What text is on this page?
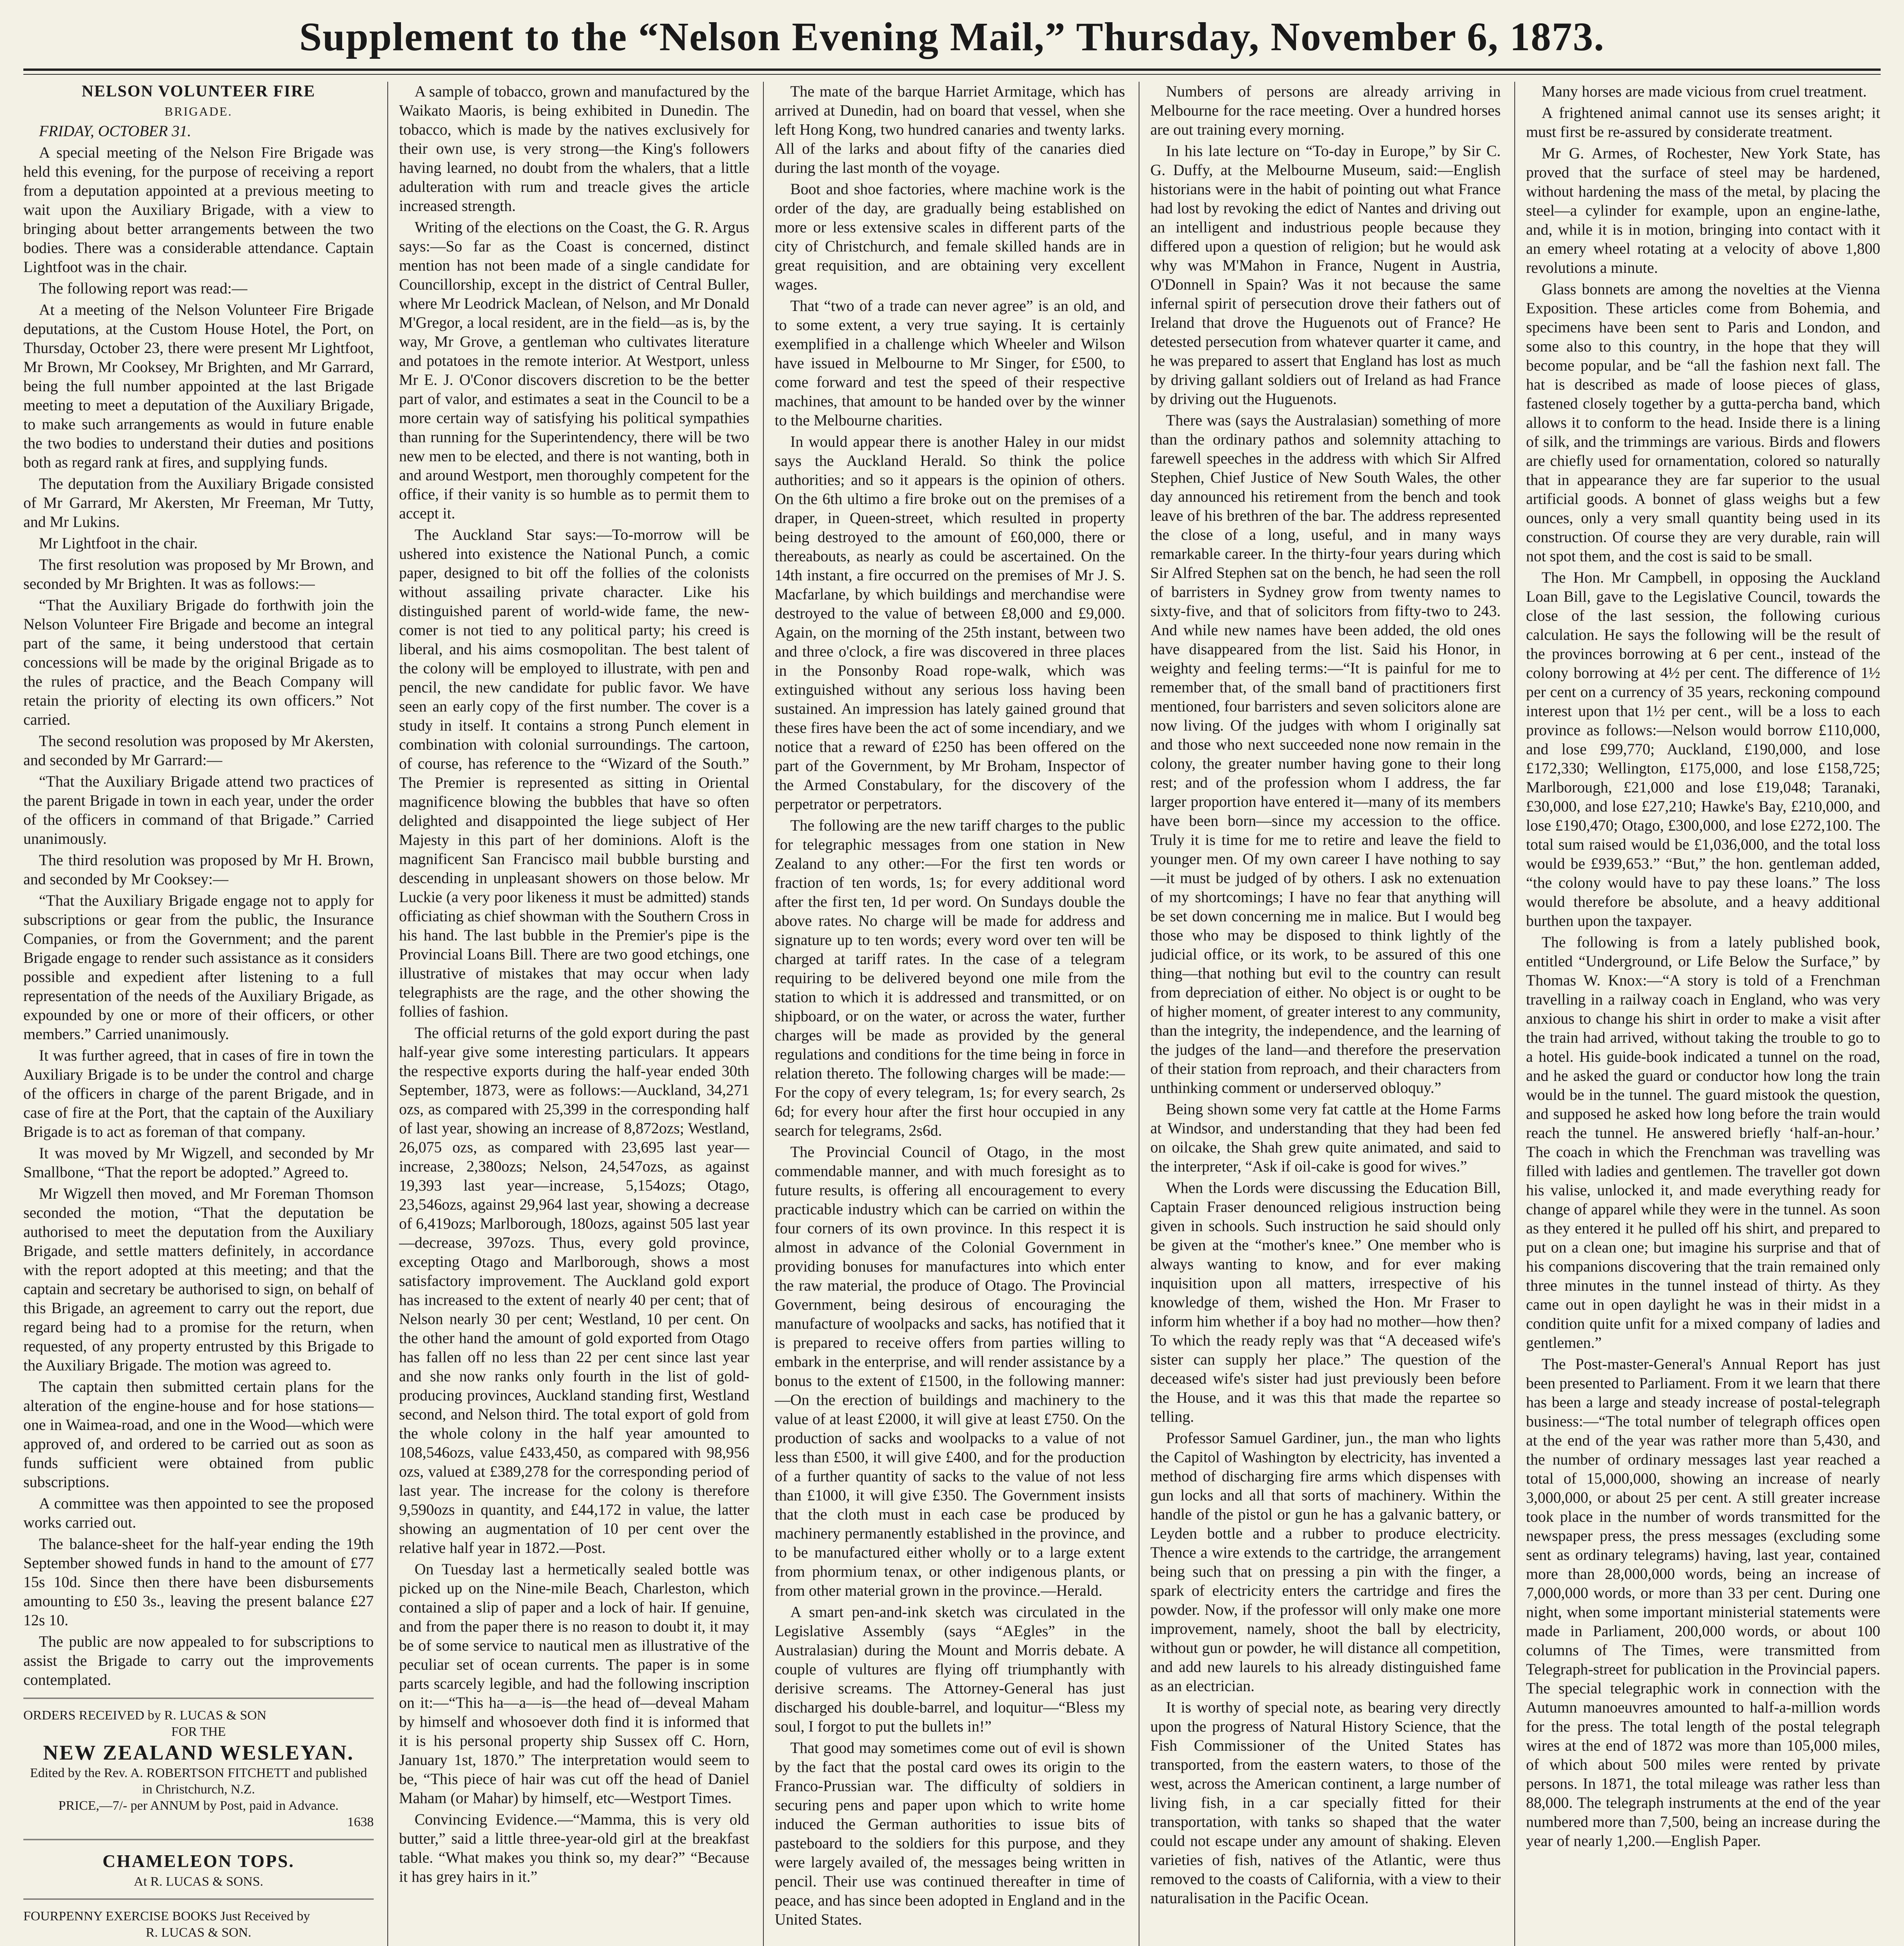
Supplement to the “Nelson Evening Mail,” Thursday, November 6, 1873.

NELSON VOLUNTEER FIRE

BRIGADE.

FRIDAY, OCTOBER 31.

A special meeting of the Nelson Fire Brigade was held this evening, for the purpose of receiving a report from a deputation appointed at a previous meeting to wait upon the Auxiliary Brigade, with a view to bringing about better arrangements between the two bodies. There was a considerable attendance. Captain Lightfoot was in the chair.

The following report was read:—

At a meeting of the Nelson Volunteer Fire Brigade deputations, at the Custom House Hotel, the Port, on Thursday, October 23, there were present Mr Lightfoot, Mr Brown, Mr Cooksey, Mr Brighten, and Mr Garrard, being the full number appointed at the last Brigade meeting to meet a deputation of the Auxiliary Brigade, to make such arrangements as would in future enable the two bodies to understand their duties and positions both as regard rank at fires, and supplying funds.

The deputation from the Auxiliary Brigade consisted of Mr Garrard, Mr Akersten, Mr Freeman, Mr Tutty, and Mr Lukins.

Mr Lightfoot in the chair.

The first resolution was proposed by Mr Brown, and seconded by Mr Brighten. It was as follows:—

“That the Auxiliary Brigade do forthwith join the Nelson Volunteer Fire Brigade and become an integral part of the same, it being understood that certain concessions will be made by the original Brigade as to the rules of practice, and the Beach Company will retain the priority of electing its own officers.” Not carried.

The second resolution was proposed by Mr Akersten, and seconded by Mr Garrard:—

“That the Auxiliary Brigade attend two practices of the parent Brigade in town in each year, under the order of the officers in command of that Brigade.” Carried unanimously.

The third resolution was proposed by Mr H. Brown, and seconded by Mr Cooksey:—

“That the Auxiliary Brigade engage not to apply for subscriptions or gear from the public, the Insurance Companies, or from the Government; and the parent Brigade engage to render such assistance as it considers possible and expedient after listening to a full representation of the needs of the Auxiliary Brigade, as expounded by one or more of their officers, or other members.” Carried unanimously.

It was further agreed, that in cases of fire in town the Auxiliary Brigade is to be under the control and charge of the officers in charge of the parent Brigade, and in case of fire at the Port, that the captain of the Auxiliary Brigade is to act as foreman of that company.

It was moved by Mr Wigzell, and seconded by Mr Smallbone, “That the report be adopted.” Agreed to.

Mr Wigzell then moved, and Mr Foreman Thomson seconded the motion, “That the deputation be authorised to meet the deputation from the Auxiliary Brigade, and settle matters definitely, in accordance with the report adopted at this meeting; and that the captain and secretary be authorised to sign, on behalf of this Brigade, an agreement to carry out the report, due regard being had to a promise for the return, when requested, of any property entrusted by this Brigade to the Auxiliary Brigade. The motion was agreed to.

The captain then submitted certain plans for the alteration of the engine-house and for hose stations—one in Waimea-road, and one in the Wood—which were approved of, and ordered to be carried out as soon as funds sufficient were obtained from public subscriptions.

A committee was then appointed to see the proposed works carried out.

The balance-sheet for the half-year ending the 19th September showed funds in hand to the amount of £77 15s 10d. Since then there have been disbursements amounting to £50 3s., leaving the present balance £27 12s 10.

The public are now appealed to for subscriptions to assist the Brigade to carry out the improvements contemplated.

ORDERS RECEIVED by R. LUCAS & SON
FOR THE
NEW ZEALAND WESLEYAN.
Edited by the Rev. A. ROBERTSON FITCHETT and published in Christchurch, N.Z.
PRICE,—7/- per ANNUM by Post, paid in Advance.
1638
CHAMELEON TOPS.
At R. LUCAS & SONS.
FOURPENNY EXERCISE BOOKS Just Received by
R. LUCAS & SON.

A sample of tobacco, grown and manufactured by the Waikato Maoris, is being exhibited in Dunedin. The tobacco, which is made by the natives exclusively for their own use, is very strong—the King's followers having learned, no doubt from the whalers, that a little adulteration with rum and treacle gives the article increased strength.

Writing of the elections on the Coast, the G. R. Argus says:—So far as the Coast is concerned, distinct mention has not been made of a single candidate for Councillorship, except in the district of Central Buller, where Mr Leodrick Maclean, of Nelson, and Mr Donald M'Gregor, a local resident, are in the field—as is, by the way, Mr Grove, a gentleman who cultivates literature and potatoes in the remote interior. At Westport, unless Mr E. J. O'Conor discovers discretion to be the better part of valor, and estimates a seat in the Council to be a more certain way of satisfying his political sympathies than running for the Superintendency, there will be two new men to be elected, and there is not wanting, both in and around Westport, men thoroughly competent for the office, if their vanity is so humble as to permit them to accept it.

The Auckland Star says:—To-morrow will be ushered into existence the National Punch, a comic paper, designed to bit off the follies of the colonists without assailing private character. Like his distinguished parent of world-wide fame, the new-comer is not tied to any political party; his creed is liberal, and his aims cosmopolitan. The best talent of the colony will be employed to illustrate, with pen and pencil, the new candidate for public favor. We have seen an early copy of the first number. The cover is a study in itself. It contains a strong Punch element in combination with colonial surroundings. The cartoon, of course, has reference to the “Wizard of the South.” The Premier is represented as sitting in Oriental magnificence blowing the bubbles that have so often delighted and disappointed the liege subject of Her Majesty in this part of her dominions. Aloft is the magnificent San Francisco mail bubble bursting and descending in unpleasant showers on those below. Mr Luckie (a very poor likeness it must be admitted) stands officiating as chief showman with the Southern Cross in his hand. The last bubble in the Premier's pipe is the Provincial Loans Bill. There are two good etchings, one illustrative of mistakes that may occur when lady telegraphists are the rage, and the other showing the follies of fashion.

The official returns of the gold export during the past half-year give some interesting particulars. It appears the respective exports during the half-year ended 30th September, 1873, were as follows:—Auckland, 34,271 ozs, as compared with 25,399 in the corresponding half of last year, showing an increase of 8,872ozs; Westland, 26,075 ozs, as compared with 23,695 last year—increase, 2,380ozs; Nelson, 24,547ozs, as against 19,393 last year—increase, 5,154ozs; Otago, 23,546ozs, against 29,964 last year, showing a decrease of 6,419ozs; Marlborough, 180ozs, against 505 last year—decrease, 397ozs. Thus, every gold province, excepting Otago and Marlborough, shows a most satisfactory improvement. The Auckland gold export has increased to the extent of nearly 40 per cent; that of Nelson nearly 30 per cent; Westland, 10 per cent. On the other hand the amount of gold exported from Otago has fallen off no less than 22 per cent since last year and she now ranks only fourth in the list of gold-producing provinces, Auckland standing first, Westland second, and Nelson third. The total export of gold from the whole colony in the half year amounted to 108,546ozs, value £433,450, as compared with 98,956 ozs, valued at £389,278 for the corresponding period of last year. The increase for the colony is therefore 9,590ozs in quantity, and £44,172 in value, the latter showing an augmentation of 10 per cent over the relative half year in 1872.—Post.

On Tuesday last a hermetically sealed bottle was picked up on the Nine-mile Beach, Charleston, which contained a slip of paper and a lock of hair. If genuine, and from the paper there is no reason to doubt it, it may be of some service to nautical men as illustrative of the peculiar set of ocean currents. The paper is in some parts scarcely legible, and had the following inscription on it:—“This ha—a—is—the head of—deveal Maham by himself and whosoever doth find it is informed that it is his personal property ship Sussex off C. Horn, January 1st, 1870.” The interpretation would seem to be, “This piece of hair was cut off the head of Daniel Maham (or Mahar) by himself, etc—Westport Times.

Convincing Evidence.—“Mamma, this is very old butter,” said a little three-year-old girl at the breakfast table. “What makes you think so, my dear?” “Because it has grey hairs in it.”

The mate of the barque Harriet Armitage, which has arrived at Dunedin, had on board that vessel, when she left Hong Kong, two hundred canaries and twenty larks. All of the larks and about fifty of the canaries died during the last month of the voyage.

Boot and shoe factories, where machine work is the order of the day, are gradually being established on more or less extensive scales in different parts of the city of Christchurch, and female skilled hands are in great requisition, and are obtaining very excellent wages.

That “two of a trade can never agree” is an old, and to some extent, a very true saying. It is certainly exemplified in a challenge which Wheeler and Wilson have issued in Melbourne to Mr Singer, for £500, to come forward and test the speed of their respective machines, that amount to be handed over by the winner to the Melbourne charities.

In would appear there is another Haley in our midst says the Auckland Herald. So think the police authorities; and so it appears is the opinion of others. On the 6th ultimo a fire broke out on the premises of a draper, in Queen-street, which resulted in property being destroyed to the amount of £60,000, there or thereabouts, as nearly as could be ascertained. On the 14th instant, a fire occurred on the premises of Mr J. S. Macfarlane, by which buildings and merchandise were destroyed to the value of between £8,000 and £9,000. Again, on the morning of the 25th instant, between two and three o'clock, a fire was discovered in three places in the Ponsonby Road rope-walk, which was extinguished without any serious loss having been sustained. An impression has lately gained ground that these fires have been the act of some incendiary, and we notice that a reward of £250 has been offered on the part of the Government, by Mr Broham, Inspector of the Armed Constabulary, for the discovery of the perpetrator or perpetrators.

The following are the new tariff charges to the public for telegraphic messages from one station in New Zealand to any other:—For the first ten words or fraction of ten words, 1s; for every additional word after the first ten, 1d per word. On Sundays double the above rates. No charge will be made for address and signature up to ten words; every word over ten will be charged at tariff rates. In the case of a telegram requiring to be delivered beyond one mile from the station to which it is addressed and transmitted, or on shipboard, or on the water, or across the water, further charges will be made as provided by the general regulations and conditions for the time being in force in relation thereto. The following charges will be made:—For the copy of every telegram, 1s; for every search, 2s 6d; for every hour after the first hour occupied in any search for telegrams, 2s6d.

The Provincial Council of Otago, in the most commendable manner, and with much foresight as to future results, is offering all encouragement to every practicable industry which can be carried on within the four corners of its own province. In this respect it is almost in advance of the Colonial Government in providing bonuses for manufactures into which enter the raw material, the produce of Otago. The Provincial Government, being desirous of encouraging the manufacture of woolpacks and sacks, has notified that it is prepared to receive offers from parties willing to embark in the enterprise, and will render assistance by a bonus to the extent of £1500, in the following manner:—On the erection of buildings and machinery to the value of at least £2000, it will give at least £750. On the production of sacks and woolpacks to a value of not less than £500, it will give £400, and for the production of a further quantity of sacks to the value of not less than £1000, it will give £350. The Government insists that the cloth must in each case be produced by machinery permanently established in the province, and to be manufactured either wholly or to a large extent from phormium tenax, or other indigenous plants, or from other material grown in the province.—Herald.

A smart pen-and-ink sketch was circulated in the Legislative Assembly (says “AEgles” in the Australasian) during the Mount and Morris debate. A couple of vultures are flying off triumphantly with derisive screams. The Attorney-General has just discharged his double-barrel, and loquitur—“Bless my soul, I forgot to put the bullets in!”

That good may sometimes come out of evil is shown by the fact that the postal card owes its origin to the Franco-Prussian war. The difficulty of soldiers in securing pens and paper upon which to write home induced the German authorities to issue bits of pasteboard to the soldiers for this purpose, and they were largely availed of, the messages being written in pencil. Their use was continued thereafter in time of peace, and has since been adopted in England and in the United States.

Numbers of persons are already arriving in Melbourne for the race meeting. Over a hundred horses are out training every morning.

In his late lecture on “To-day in Europe,” by Sir C. G. Duffy, at the Melbourne Museum, said:—English historians were in the habit of pointing out what France had lost by revoking the edict of Nantes and driving out an intelligent and industrious people because they differed upon a question of religion; but he would ask why was M'Mahon in France, Nugent in Austria, O'Donnell in Spain? Was it not because the same infernal spirit of persecution drove their fathers out of Ireland that drove the Huguenots out of France? He detested persecution from whatever quarter it came, and he was prepared to assert that England has lost as much by driving gallant soldiers out of Ireland as had France by driving out the Huguenots.

There was (says the Australasian) something of more than the ordinary pathos and solemnity attaching to farewell speeches in the address with which Sir Alfred Stephen, Chief Justice of New South Wales, the other day announced his retirement from the bench and took leave of his brethren of the bar. The address represented the close of a long, useful, and in many ways remarkable career. In the thirty-four years during which Sir Alfred Stephen sat on the bench, he had seen the roll of barristers in Sydney grow from twenty names to sixty-five, and that of solicitors from fifty-two to 243. And while new names have been added, the old ones have disappeared from the list. Said his Honor, in weighty and feeling terms:—“It is painful for me to remember that, of the small band of practitioners first mentioned, four barristers and seven solicitors alone are now living. Of the judges with whom I originally sat and those who next succeeded none now remain in the colony, the greater number having gone to their long rest; and of the profession whom I address, the far larger proportion have entered it—many of its members have been born—since my accession to the office. Truly it is time for me to retire and leave the field to younger men. Of my own career I have nothing to say—it must be judged of by others. I ask no extenuation of my shortcomings; I have no fear that anything will be set down concerning me in malice. But I would beg those who may be disposed to think lightly of the judicial office, or its work, to be assured of this one thing—that nothing but evil to the country can result from depreciation of either. No object is or ought to be of higher moment, of greater interest to any community, than the integrity, the independence, and the learning of the judges of the land—and therefore the preservation of their station from reproach, and their characters from unthinking comment or underserved obloquy.”

Being shown some very fat cattle at the Home Farms at Windsor, and understanding that they had been fed on oilcake, the Shah grew quite animated, and said to the interpreter, “Ask if oil-cake is good for wives.”

When the Lords were discussing the Education Bill, Captain Fraser denounced religious instruction being given in schools. Such instruction he said should only be given at the “mother's knee.” One member who is always wanting to know, and for ever making inquisition upon all matters, irrespective of his knowledge of them, wished the Hon. Mr Fraser to inform him whether if a boy had no mother—how then? To which the ready reply was that “A deceased wife's sister can supply her place.” The question of the deceased wife's sister had just previously been before the House, and it was this that made the repartee so telling.

Professor Samuel Gardiner, jun., the man who lights the Capitol of Washington by electricity, has invented a method of discharging fire arms which dispenses with gun locks and all that sorts of machinery. Within the handle of the pistol or gun he has a galvanic battery, or Leyden bottle and a rubber to produce electricity. Thence a wire extends to the cartridge, the arrangement being such that on pressing a pin with the finger, a spark of electricity enters the cartridge and fires the powder. Now, if the professor will only make one more improvement, namely, shoot the ball by electricity, without gun or powder, he will distance all competition, and add new laurels to his already distinguished fame as an electrician.

It is worthy of special note, as bearing very directly upon the progress of Natural History Science, that the Fish Commissioner of the United States has transported, from the eastern waters, to those of the west, across the American continent, a large number of living fish, in a car specially fitted for their transportation, with tanks so shaped that the water could not escape under any amount of shaking. Eleven varieties of fish, natives of the Atlantic, were thus removed to the coasts of California, with a view to their naturalisation in the Pacific Ocean.

Many horses are made vicious from cruel treatment.

A frightened animal cannot use its senses aright; it must first be re-assured by considerate treatment.

Mr G. Armes, of Rochester, New York State, has proved that the surface of steel may be hardened, without hardening the mass of the metal, by placing the steel—a cylinder for example, upon an engine-lathe, and, while it is in motion, bringing into contact with it an emery wheel rotating at a velocity of above 1,800 revolutions a minute.

Glass bonnets are among the novelties at the Vienna Exposition. These articles come from Bohemia, and specimens have been sent to Paris and London, and some also to this country, in the hope that they will become popular, and be “all the fashion next fall. The hat is described as made of loose pieces of glass, fastened closely together by a gutta-percha band, which allows it to conform to the head. Inside there is a lining of silk, and the trimmings are various. Birds and flowers are chiefly used for ornamentation, colored so naturally that in appearance they are far superior to the usual artificial goods. A bonnet of glass weighs but a few ounces, only a very small quantity being used in its construction. Of course they are very durable, rain will not spot them, and the cost is said to be small.

The Hon. Mr Campbell, in opposing the Auckland Loan Bill, gave to the Legislative Council, towards the close of the last session, the following curious calculation. He says the following will be the result of the provinces borrowing at 6 per cent., instead of the colony borrowing at 4½ per cent. The difference of 1½ per cent on a currency of 35 years, reckoning compound interest upon that 1½ per cent., will be a loss to each province as follows:—Nelson would borrow £110,000, and lose £99,770; Auckland, £190,000, and lose £172,330; Wellington, £175,000, and lose £158,725; Marlborough, £21,000 and lose £19,048; Taranaki, £30,000, and lose £27,210; Hawke's Bay, £210,000, and lose £190,470; Otago, £300,000, and lose £272,100. The total sum raised would be £1,036,000, and the total loss would be £939,653.” “But,” the hon. gentleman added, “the colony would have to pay these loans.” The loss would therefore be absolute, and a heavy additional burthen upon the taxpayer.

The following is from a lately published book, entitled “Underground, or Life Below the Surface,” by Thomas W. Knox:—“A story is told of a Frenchman travelling in a railway coach in England, who was very anxious to change his shirt in order to make a visit after the train had arrived, without taking the trouble to go to a hotel. His guide-book indicated a tunnel on the road, and he asked the guard or conductor how long the train would be in the tunnel. The guard mistook the question, and supposed he asked how long before the train would reach the tunnel. He answered briefly ‘half-an-hour.’ The coach in which the Frenchman was travelling was filled with ladies and gentlemen. The traveller got down his valise, unlocked it, and made everything ready for change of apparel while they were in the tunnel. As soon as they entered it he pulled off his shirt, and prepared to put on a clean one; but imagine his surprise and that of his companions discovering that the train remained only three minutes in the tunnel instead of thirty. As they came out in open daylight he was in their midst in a condition quite unfit for a mixed company of ladies and gentlemen.”

The Post-master-General's Annual Report has just been presented to Parliament. From it we learn that there has been a large and steady increase of postal-telegraph business:—“The total number of telegraph offices open at the end of the year was rather more than 5,430, and the number of ordinary messages last year reached a total of 15,000,000, showing an increase of nearly 3,000,000, or about 25 per cent. A still greater increase took place in the number of words transmitted for the newspaper press, the press messages (excluding some sent as ordinary telegrams) having, last year, contained more than 28,000,000 words, being an increase of 7,000,000 words, or more than 33 per cent. During one night, when some important ministerial statements were made in Parliament, 200,000 words, or about 100 columns of The Times, were transmitted from Telegraph-street for publication in the Provincial papers. The special telegraphic work in connection with the Autumn manoeuvres amounted to half-a-million words for the press. The total length of the postal telegraph wires at the end of 1872 was more than 105,000 miles, of which about 500 miles were rented by private persons. In 1871, the total mileage was rather less than 88,000. The telegraph instruments at the end of the year numbered more than 7,500, being an increase during the year of nearly 1,200.—English Paper.
